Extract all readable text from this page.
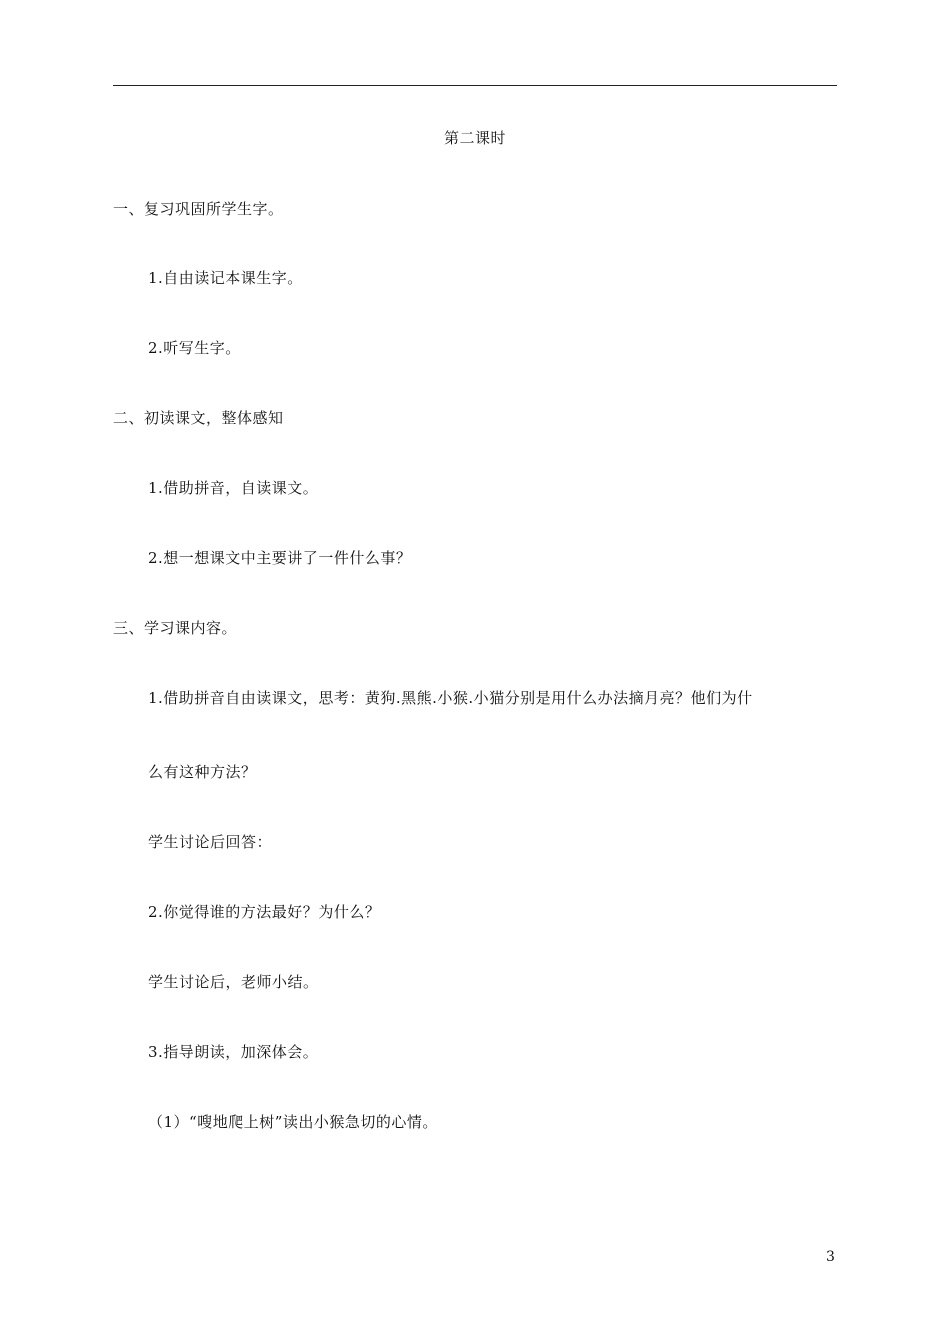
第二课时
一、复习巩固所学生字。
1.自由读记本课生字。
2.听写生字。
二、初读课文，整体感知
1.借助拼音，自读课文。
2.想一想课文中主要讲了一件什么事？
三、学习课内容。
1.借助拼音自由读课文，思考：黄狗.黑熊.小猴.小猫分别是用什么办法摘月亮？他们为什
么有这种方法？
学生讨论后回答：
2.你觉得谁的方法最好？为什么？
学生讨论后，老师小结。
3.指导朗读，加深体会。
（1）“嗖地爬上树”读出小猴急切的心情。
3
